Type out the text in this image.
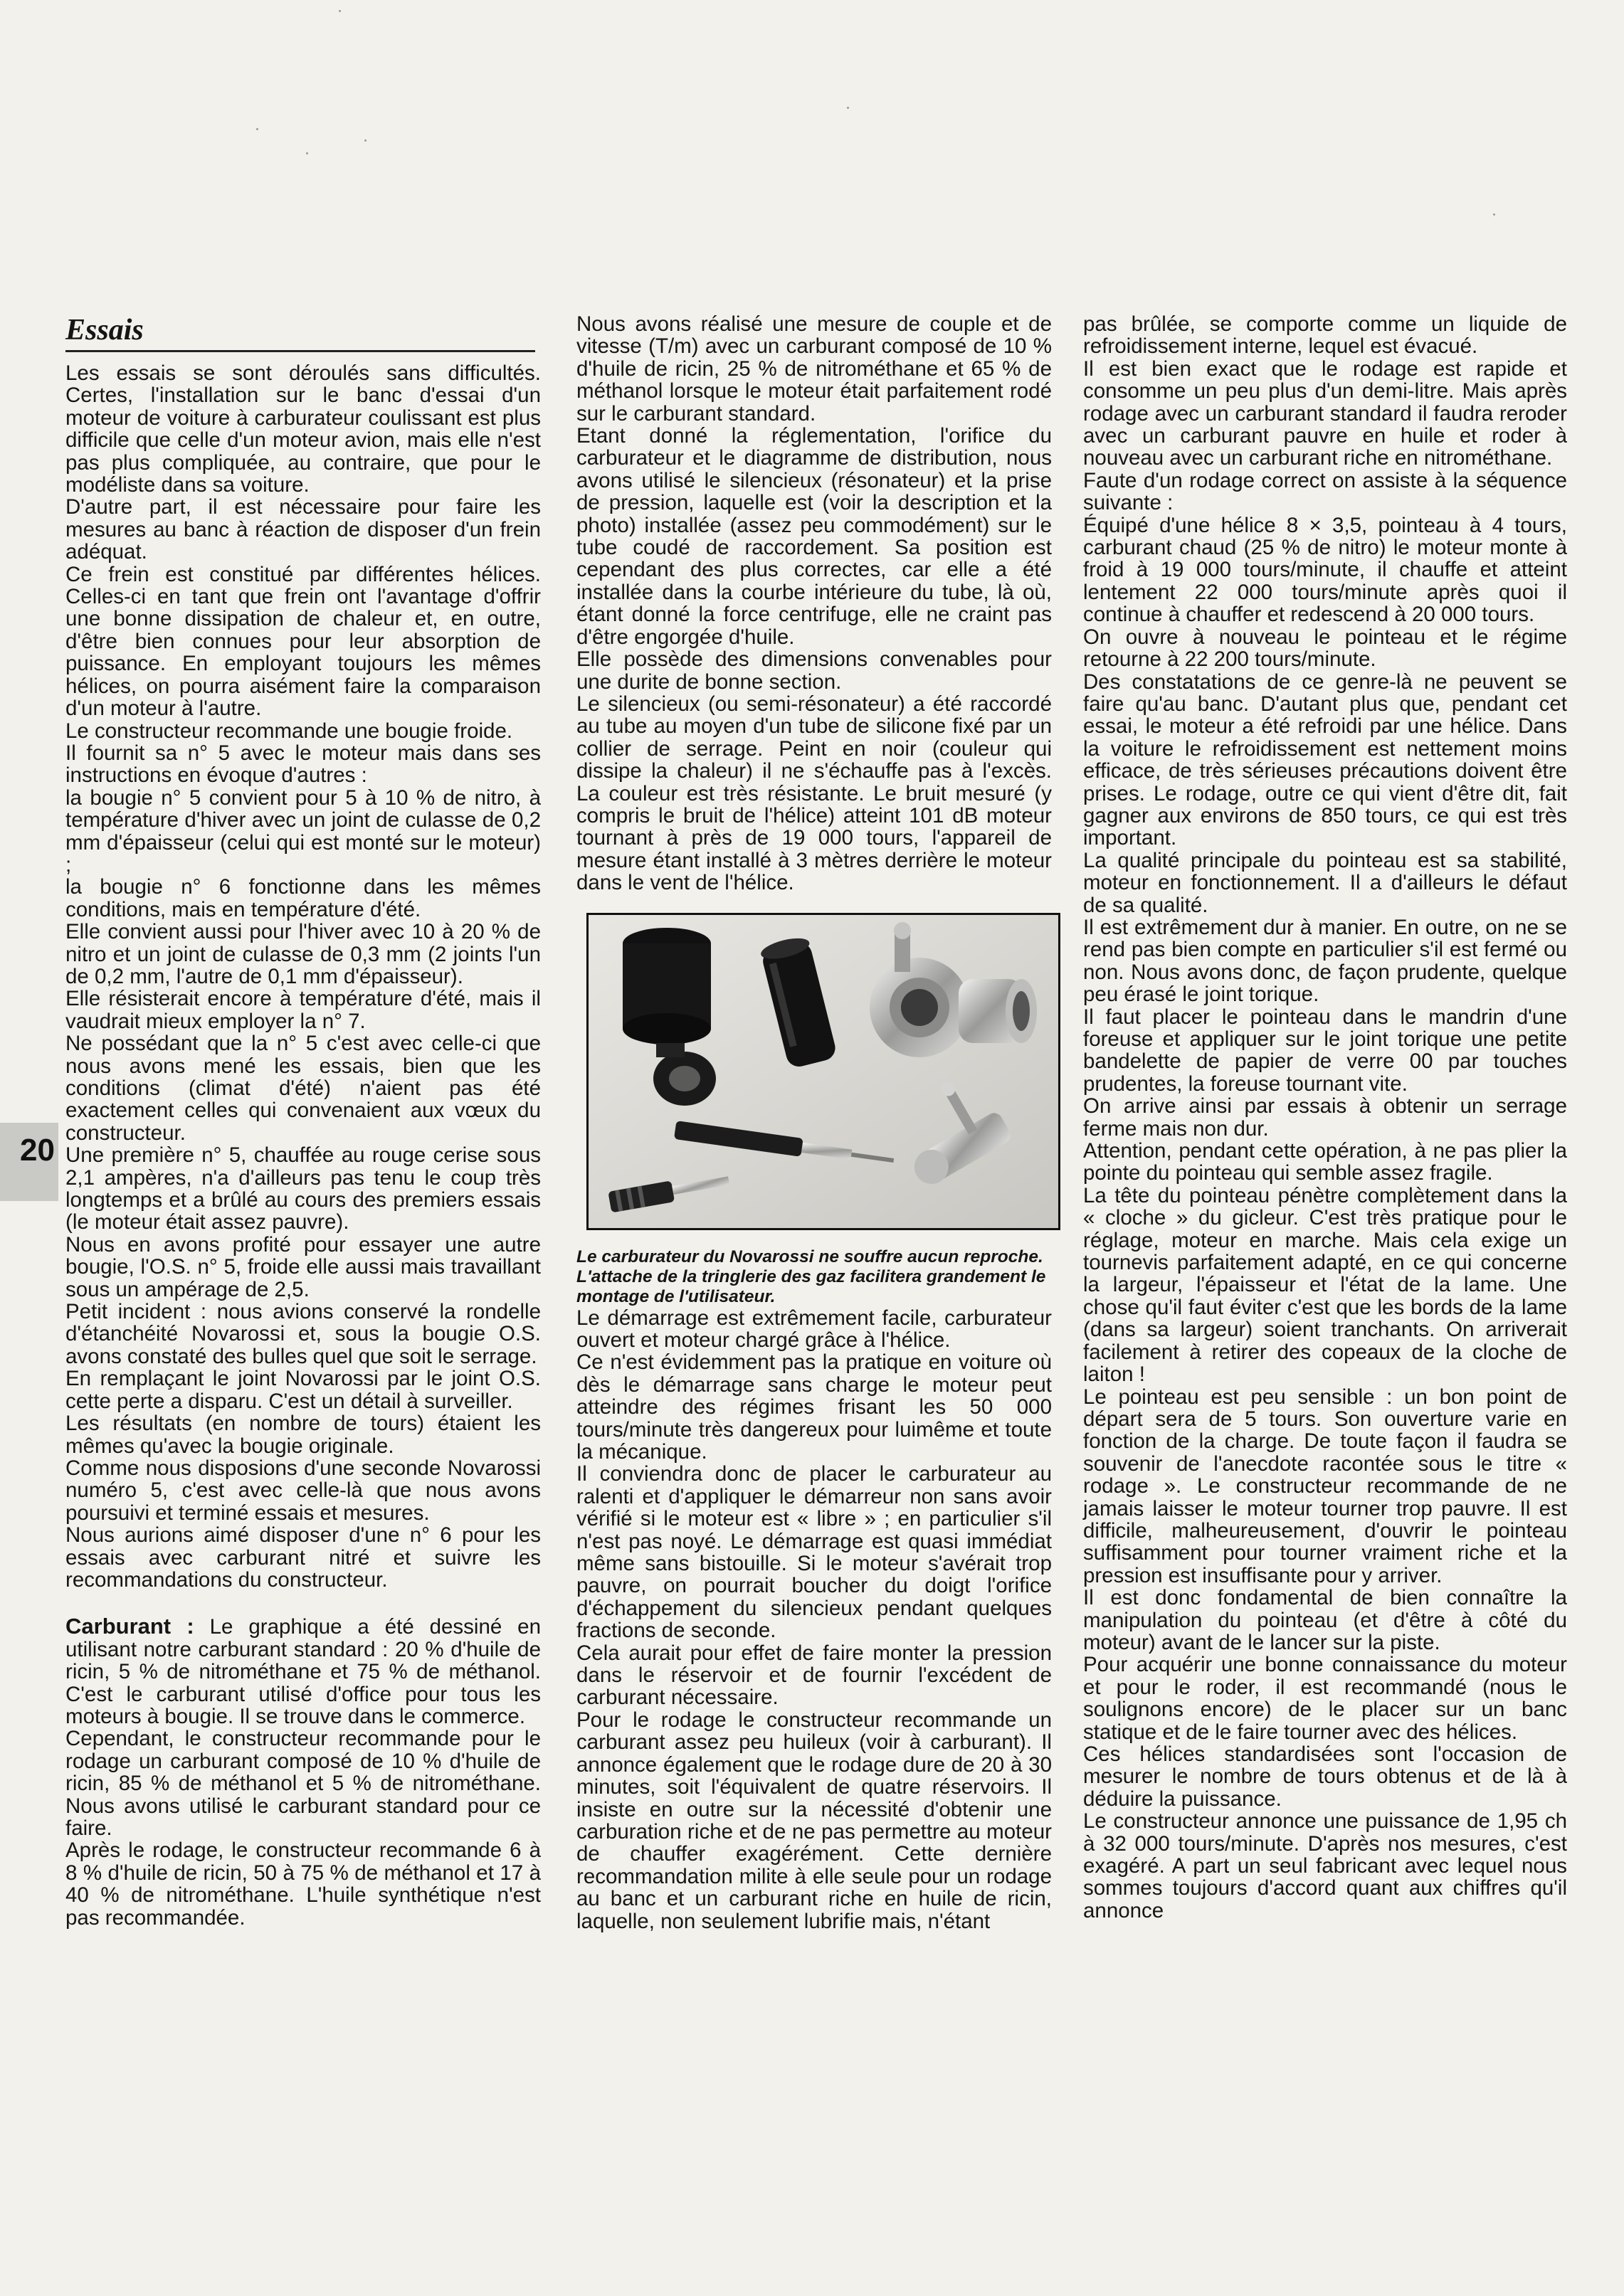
20
Essais

Les essais se sont déroulés sans difficultés. Certes, l'installation sur le banc d'essai d'un moteur de voiture à carburateur coulissant est plus difficile que celle d'un moteur avion, mais elle n'est pas plus compliquée, au contraire, que pour le modéliste dans sa voiture.

D'autre part, il est nécessaire pour faire les mesures au banc à réaction de disposer d'un frein adéquat.

Ce frein est constitué par différentes hélices. Celles-ci en tant que frein ont l'avantage d'offrir une bonne dissipation de chaleur et, en outre, d'être bien connues pour leur absorption de puissance. En employant toujours les mêmes hélices, on pourra aisément faire la comparaison d'un moteur à l'autre.

Le constructeur recommande une bougie froide.

Il fournit sa n° 5 avec le moteur mais dans ses instructions en évoque d'autres :

la bougie n° 5 convient pour 5 à 10 % de nitro, à température d'hiver avec un joint de culasse de 0,2 mm d'épaisseur (celui qui est monté sur le moteur) ;

la bougie n° 6 fonctionne dans les mêmes conditions, mais en température d'été.

Elle convient aussi pour l'hiver avec 10 à 20 % de nitro et un joint de culasse de 0,3 mm (2 joints l'un de 0,2 mm, l'autre de 0,1 mm d'épaisseur).

Elle résisterait encore à température d'été, mais il vaudrait mieux employer la n° 7.

Ne possédant que la n° 5 c'est avec celle-ci que nous avons mené les essais, bien que les conditions (climat d'été) n'aient pas été exactement celles qui convenaient aux vœux du constructeur.

Une première n° 5, chauffée au rouge cerise sous 2,1 ampères, n'a d'ailleurs pas tenu le coup très longtemps et a brûlé au cours des premiers essais (le moteur était assez pauvre).

Nous en avons profité pour essayer une autre bougie, l'O.S. n° 5, froide elle aussi mais travaillant sous un ampérage de 2,5.

Petit incident : nous avions conservé la rondelle d'étanchéité Novarossi et, sous la bougie O.S. avons constaté des bulles quel que soit le serrage.

En remplaçant le joint Novarossi par le joint O.S. cette perte a disparu. C'est un détail à surveiller.

Les résultats (en nombre de tours) étaient les mêmes qu'avec la bougie originale.

Comme nous disposions d'une seconde Novarossi numéro 5, c'est avec celle-là que nous avons poursuivi et terminé essais et mesures.

Nous aurions aimé disposer d'une n° 6 pour les essais avec carburant nitré et suivre les recommandations du constructeur.

Carburant : Le graphique a été dessiné en utilisant notre carburant standard : 20 % d'huile de ricin, 5 % de nitrométhane et 75 % de méthanol. C'est le carburant utilisé d'office pour tous les moteurs à bougie. Il se trouve dans le commerce.

Cependant, le constructeur recommande pour le rodage un carburant composé de 10 % d'huile de ricin, 85 % de méthanol et 5 % de nitrométhane. Nous avons utilisé le carburant standard pour ce faire.

Après le rodage, le constructeur recommande 6 à 8 % d'huile de ricin, 50 à 75 % de méthanol et 17 à 40 % de nitrométhane. L'huile synthétique n'est pas recommandée.

Nous avons réalisé une mesure de couple et de vitesse (T/m) avec un carburant composé de 10 % d'huile de ricin, 25 % de nitrométhane et 65 % de méthanol lorsque le moteur était parfaitement rodé sur le carburant standard.

Etant donné la réglementation, l'orifice du carburateur et le diagramme de distribution, nous avons utilisé le silencieux (résonateur) et la prise de pression, laquelle est (voir la description et la photo) installée (assez peu commodément) sur le tube coudé de raccordement. Sa position est cependant des plus correctes, car elle a été installée dans la courbe intérieure du tube, là où, étant donné la force centrifuge, elle ne craint pas d'être engorgée d'huile.

Elle possède des dimensions convenables pour une durite de bonne section.

Le silencieux (ou semi-résonateur) a été raccordé au tube au moyen d'un tube de silicone fixé par un collier de serrage. Peint en noir (couleur qui dissipe la chaleur) il ne s'échauffe pas à l'excès. La couleur est très résistante. Le bruit mesuré (y compris le bruit de l'hélice) atteint 101 dB moteur tournant à près de 19 000 tours, l'appareil de mesure étant installé à 3 mètres derrière le moteur dans le vent de l'hélice.

Le carburateur du Novarossi ne souffre aucun reproche. L'attache de la tringlerie des gaz facilitera grandement le montage de l'utilisateur.

Le démarrage est extrêmement facile, carburateur ouvert et moteur chargé grâce à l'hélice.

Ce n'est évidemment pas la pratique en voiture où dès le démarrage sans charge le moteur peut atteindre des régimes frisant les 50 000 tours/minute très dangereux pour luimême et toute la mécanique.

Il conviendra donc de placer le carburateur au ralenti et d'appliquer le démarreur non sans avoir vérifié si le moteur est « libre » ; en particulier s'il n'est pas noyé. Le démarrage est quasi immédiat même sans bistouille. Si le moteur s'avérait trop pauvre, on pourrait boucher du doigt l'orifice d'échappement du silencieux pendant quelques fractions de seconde.

Cela aurait pour effet de faire monter la pression dans le réservoir et de fournir l'excédent de carburant nécessaire.

Pour le rodage le constructeur recommande un carburant assez peu huileux (voir à carburant). Il annonce également que le rodage dure de 20 à 30 minutes, soit l'équivalent de quatre réservoirs. Il insiste en outre sur la nécessité d'obtenir une carburation riche et de ne pas permettre au moteur de chauffer exagérément. Cette dernière recommandation milite à elle seule pour un rodage au banc et un carburant riche en huile de ricin, laquelle, non seulement lubrifie mais, n'étant

pas brûlée, se comporte comme un liquide de refroidissement interne, lequel est évacué.

Il est bien exact que le rodage est rapide et consomme un peu plus d'un demi-litre. Mais après rodage avec un carburant standard il faudra reroder avec un carburant pauvre en huile et roder à nouveau avec un carburant riche en nitrométhane.

Faute d'un rodage correct on assiste à la séquence suivante :

Équipé d'une hélice 8 × 3,5, pointeau à 4 tours, carburant chaud (25 % de nitro) le moteur monte à froid à 19 000 tours/minute, il chauffe et atteint lentement 22 000 tours/minute après quoi il continue à chauffer et redescend à 20 000 tours.

On ouvre à nouveau le pointeau et le régime retourne à 22 200 tours/minute.

Des constatations de ce genre-là ne peuvent se faire qu'au banc. D'autant plus que, pendant cet essai, le moteur a été refroidi par une hélice. Dans la voiture le refroidissement est nettement moins efficace, de très sérieuses précautions doivent être prises. Le rodage, outre ce qui vient d'être dit, fait gagner aux environs de 850 tours, ce qui est très important.

La qualité principale du pointeau est sa stabilité, moteur en fonctionnement. Il a d'ailleurs le défaut de sa qualité.

Il est extrêmement dur à manier. En outre, on ne se rend pas bien compte en particulier s'il est fermé ou non. Nous avons donc, de façon prudente, quelque peu érasé le joint torique.

Il faut placer le pointeau dans le mandrin d'une foreuse et appliquer sur le joint torique une petite bandelette de papier de verre 00 par touches prudentes, la foreuse tournant vite.

On arrive ainsi par essais à obtenir un serrage ferme mais non dur.

Attention, pendant cette opération, à ne pas plier la pointe du pointeau qui semble assez fragile.

La tête du pointeau pénètre complètement dans la « cloche » du gicleur. C'est très pratique pour le réglage, moteur en marche. Mais cela exige un tournevis parfaitement adapté, en ce qui concerne la largeur, l'épaisseur et l'état de la lame. Une chose qu'il faut éviter c'est que les bords de la lame (dans sa largeur) soient tranchants. On arriverait facilement à retirer des copeaux de la cloche de laiton !

Le pointeau est peu sensible : un bon point de départ sera de 5 tours. Son ouverture varie en fonction de la charge. De toute façon il faudra se souvenir de l'anecdote racontée sous le titre « rodage ». Le constructeur recommande de ne jamais laisser le moteur tourner trop pauvre. Il est difficile, malheureusement, d'ouvrir le pointeau suffisamment pour tourner vraiment riche et la pression est insuffisante pour y arriver.

Il est donc fondamental de bien connaître la manipulation du pointeau (et d'être à côté du moteur) avant de le lancer sur la piste.

Pour acquérir une bonne connaissance du moteur et pour le roder, il est recommandé (nous le soulignons encore) de le placer sur un banc statique et de le faire tourner avec des hélices.

Ces hélices standardisées sont l'occasion de mesurer le nombre de tours obtenus et de là à déduire la puissance.

Le constructeur annonce une puissance de 1,95 ch à 32 000 tours/minute. D'après nos mesures, c'est exagéré. A part un seul fabricant avec lequel nous sommes toujours d'accord quant aux chiffres qu'il annonce
